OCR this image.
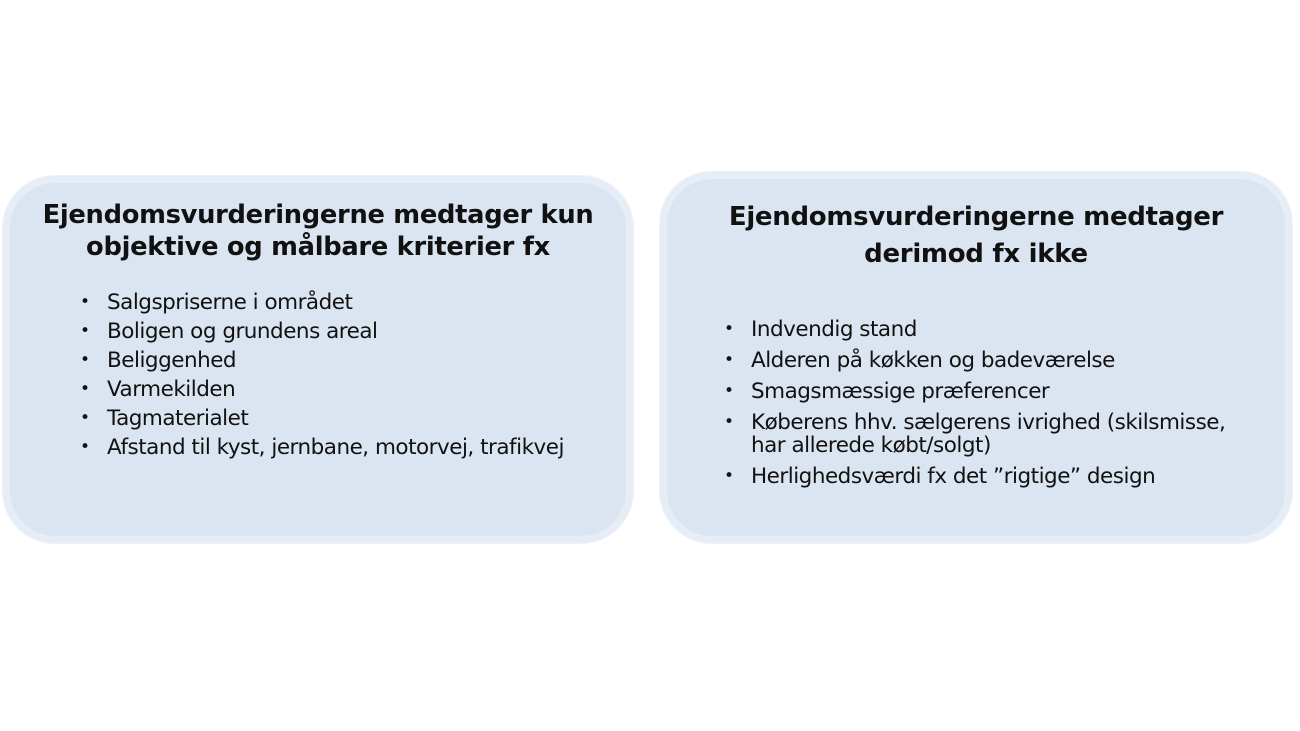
Ejendomsvurderingerne medtager kun
objektive og målbare kriterier fx
• Salgspriserne i området
• Boligen og grundens areal
• Beliggenhed
• Varmekilden
• Tagmaterialet
• Afstand til kyst, jernbane, motorvej, trafikvej
Ejendomsvurderingerne medtager
derimod fx ikke
• Indvendig stand
• Alderen på køkken og badeværelse
• Smagsmæssige præferencer
• Køberens hhv. sælgerens ivrighed (skilsmisse, har allerede købt/solgt)
• Herlighedsværdi fx det ”rigtige” design
